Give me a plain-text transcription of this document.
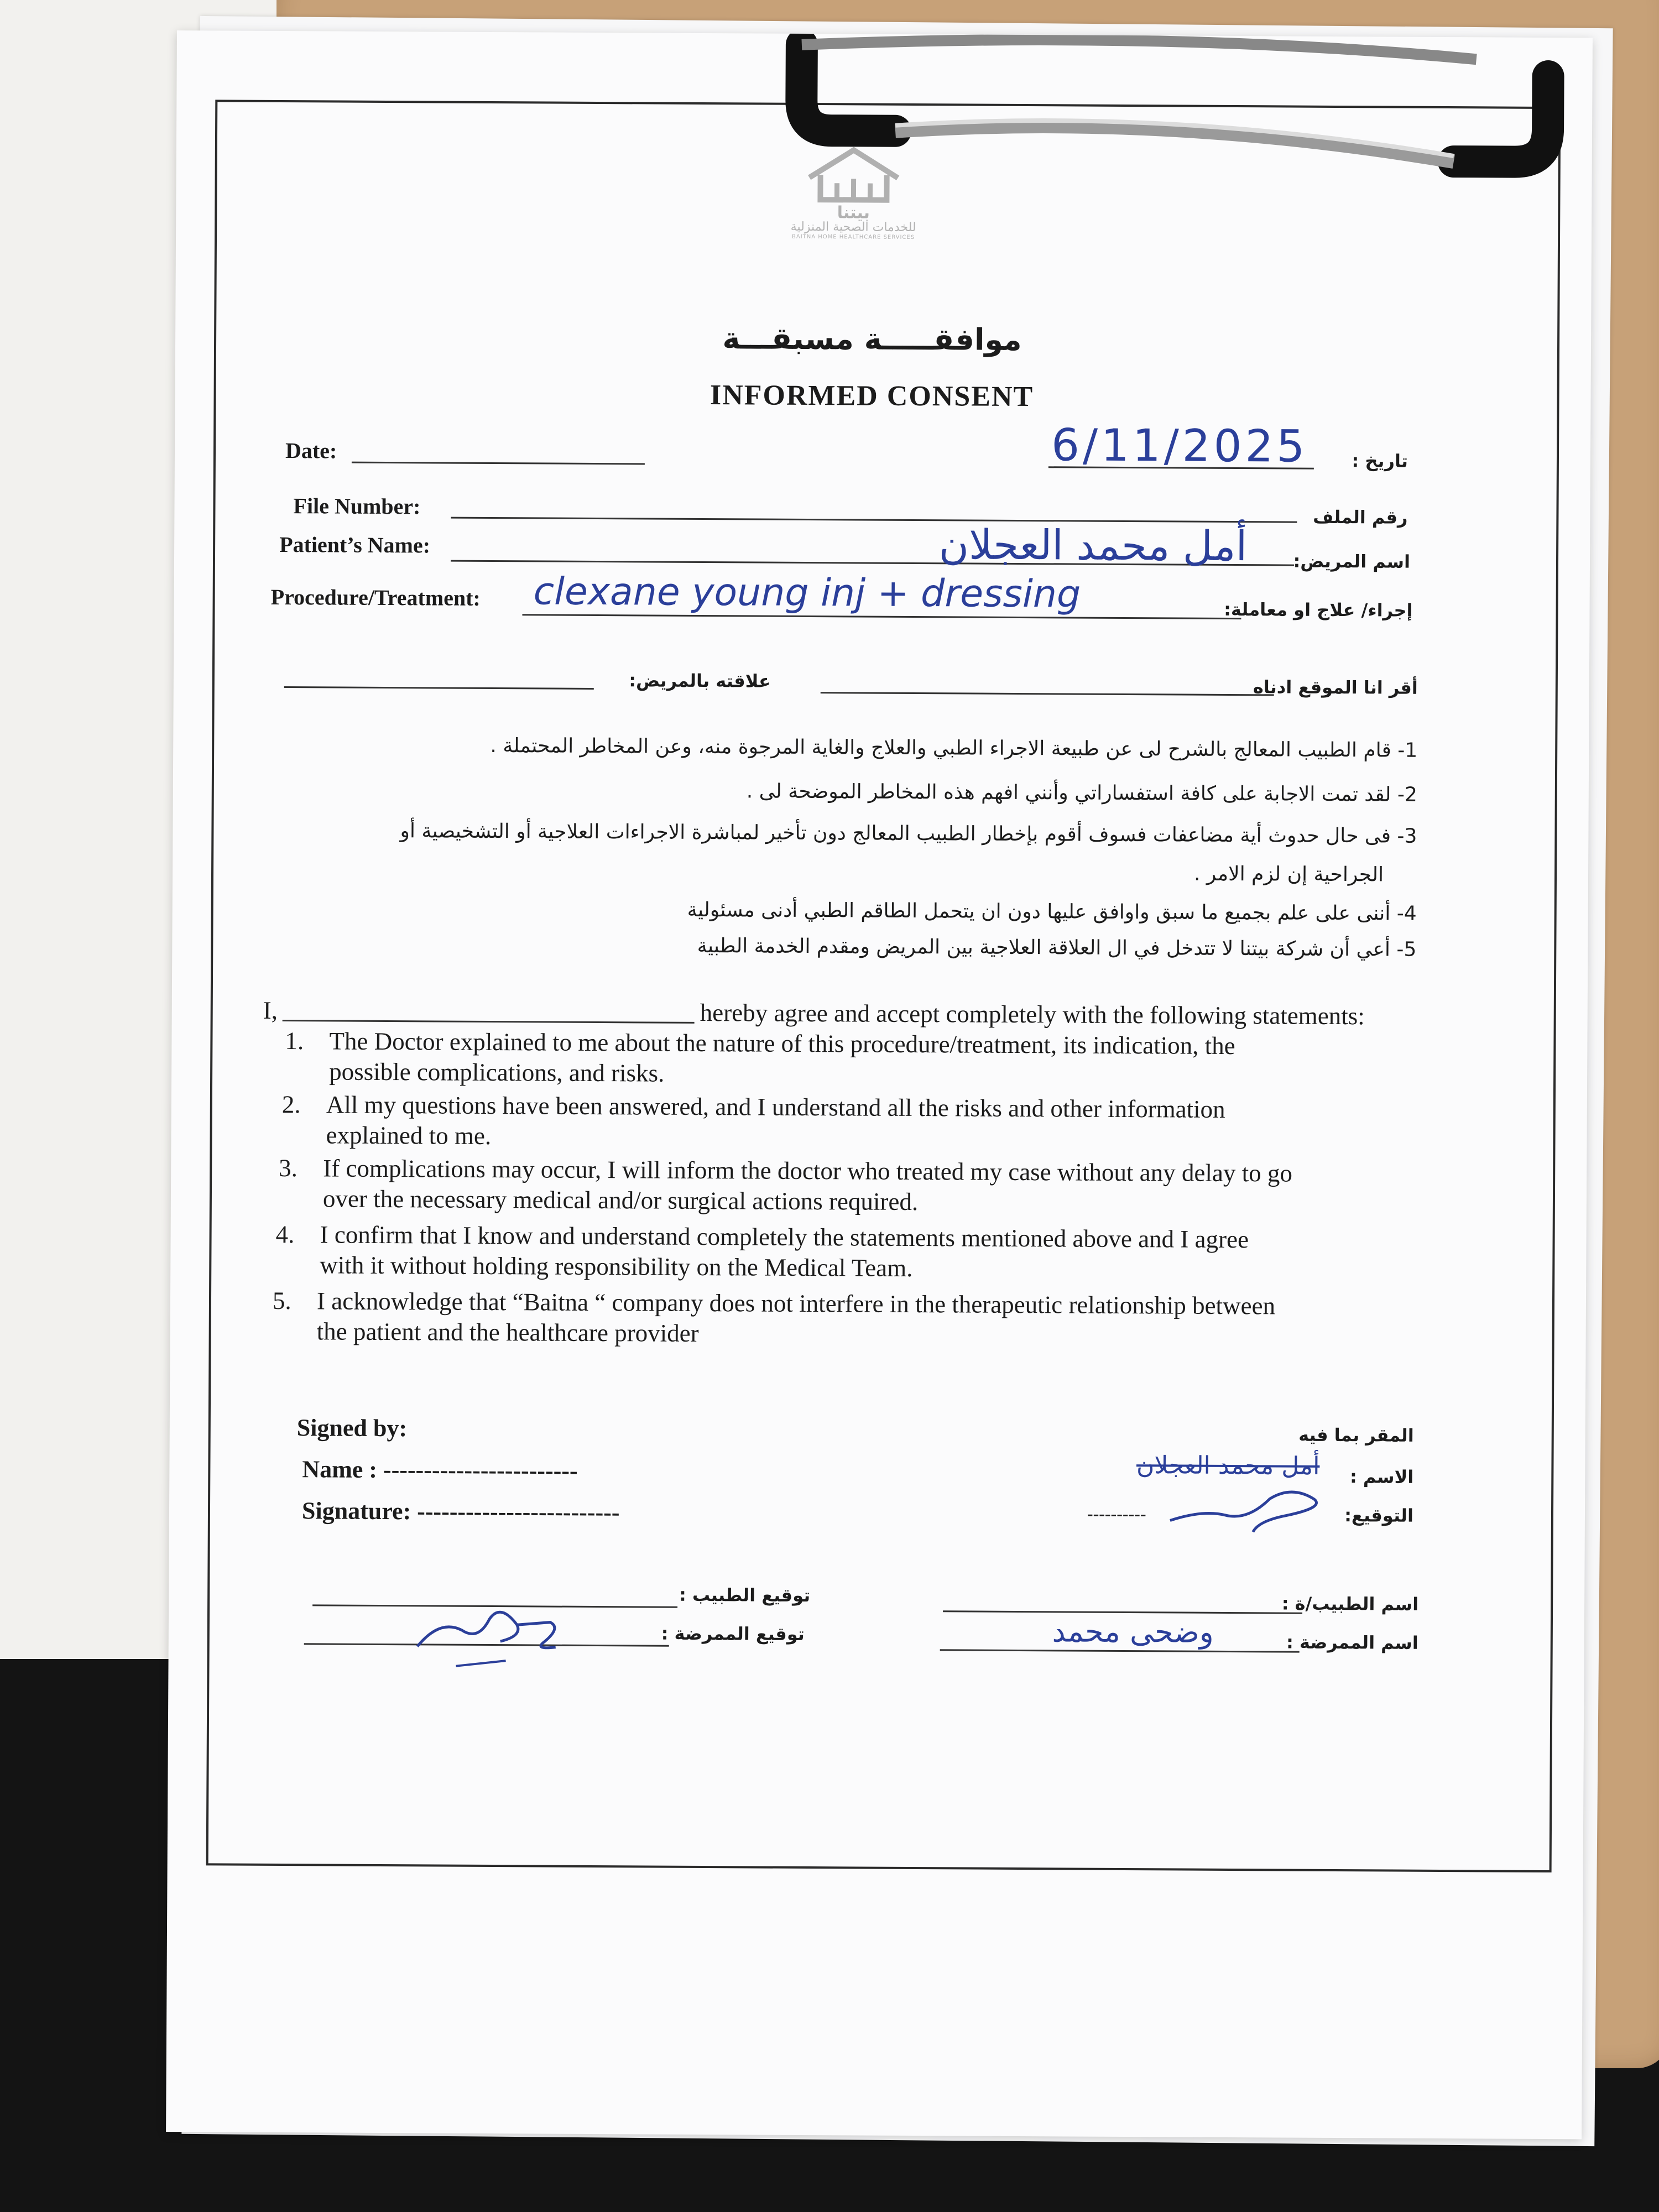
بيتنا
للخدمات الصحية المنزلية
BAITNA HOME HEALTHCARE SERVICES
موافقـــــة مسبقـــة
INFORMED CONSENT
Date:	6/11/2025	تاريخ :
File Number:	رقم الملف
Patient’s Name:	أمل محمد العجلان	اسم المريض:
Procedure/Treatment: clexane young inj + dressing	إجراء/ علاج او معاملة:
علاقته بالمريض:	أقر انا الموقع ادناه
1- قام الطبيب المعالج بالشرح لى عن طبيعة الاجراء الطبي والعلاج والغاية المرجوة منه، وعن المخاطر المحتملة .
2- لقد تمت الاجابة على كافة استفساراتي وأنني افهم هذه المخاطر الموضحة لى .
3- فى حال حدوث أية مضاعفات فسوف أقوم بإخطار الطبيب المعالج دون تأخير لمباشرة الاجراءات العلاجية أو التشخيصية أو
الجراحية إن لزم الامر .
4- أننى على علم بجميع ما سبق واوافق عليها دون ان يتحمل الطاقم الطبي أدنى مسئولية
5- أعي أن شركة بيتنا لا تتدخل في ال العلاقة العلاجية بين المريض ومقدم الخدمة الطبية
I,	hereby agree and accept completely with the following statements:
1. The Doctor explained to me about the nature of this procedure/treatment, its indication, the
possible complications, and risks.
2. All my questions have been answered, and I understand all the risks and other information
explained to me.
3. If complications may occur, I will inform the doctor who treated my case without any delay to go
over the necessary medical and/or surgical actions required.
4. I confirm that I know and understand completely the statements mentioned above and I agree
with it without holding responsibility on the Medical Team.
5. I acknowledge that “Baitna “ company does not interfere in the therapeutic relationship between
the patient and the healthcare provider
Signed by:
Name : ------------------------
Signature: -------------------------
المقر بما فيه
أمل محمد العجلان	الاسم :
----------	التوقيع:
توقيع الطبيب :
توقيع الممرضة :
اسم الطبيب/ة :
وضحى محمد	اسم الممرضة :
